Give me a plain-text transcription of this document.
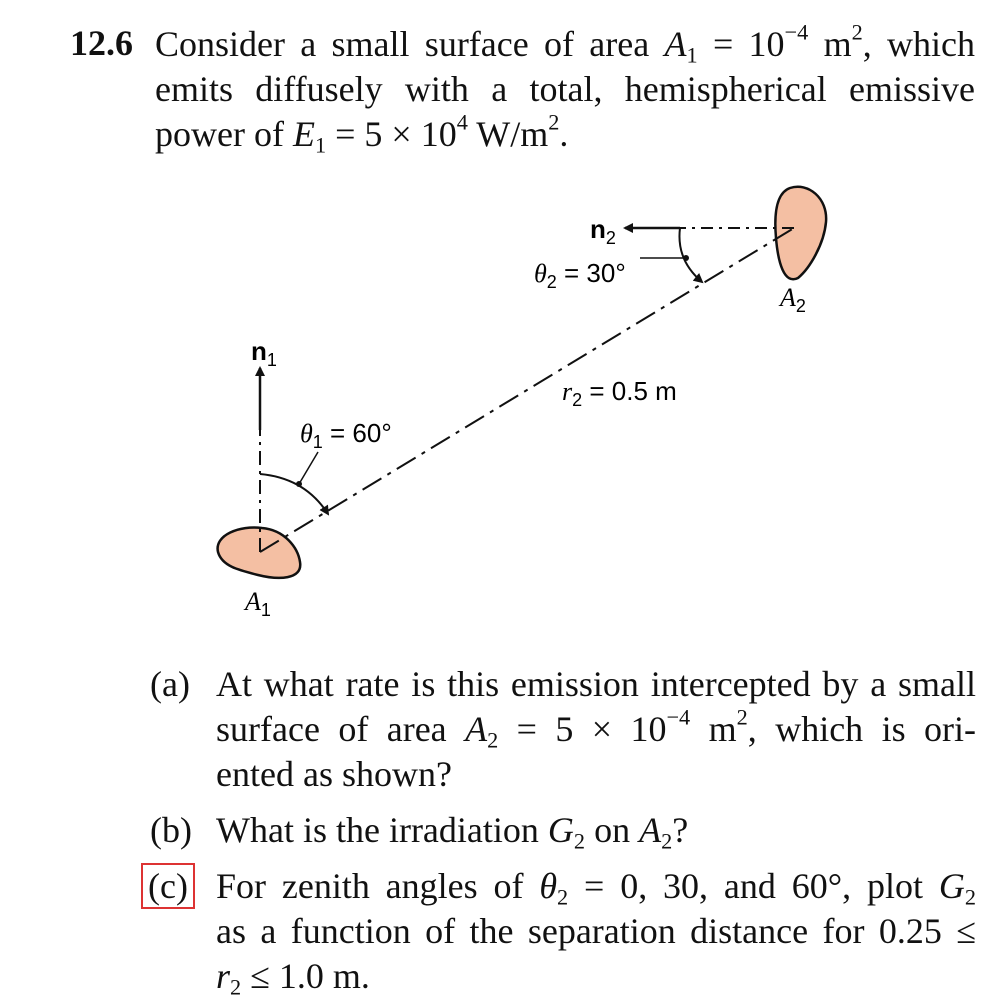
12.6 Consider a small surface of area $A_1 = 10^{-4}$ $m^2$, which
emits diffusely with a total, hemispherical emissive
power of $E_1 = 5 \times 10^4$ $W/m^2$.
$n_1$
$n_2$
$\theta_1 = 60^\circ$
$\theta_2 = 30^\circ$
$r_2 = 0.5$ m
$A_1$
$A_2$
(a) At what rate is this emission intercepted by a small
surface of area $A_2 = 5 \times 10^{-4}$ $m^2$, which is ori-
ented as shown?
(b) What is the irradiation $G_2$ on $A_2$?
(c) For zenith angles of $\theta_2 = 0$, 30, and 60°, plot $G_2$
as a function of the separation distance for 0.25 ≤
$r_2 \le 1.0$ m.
